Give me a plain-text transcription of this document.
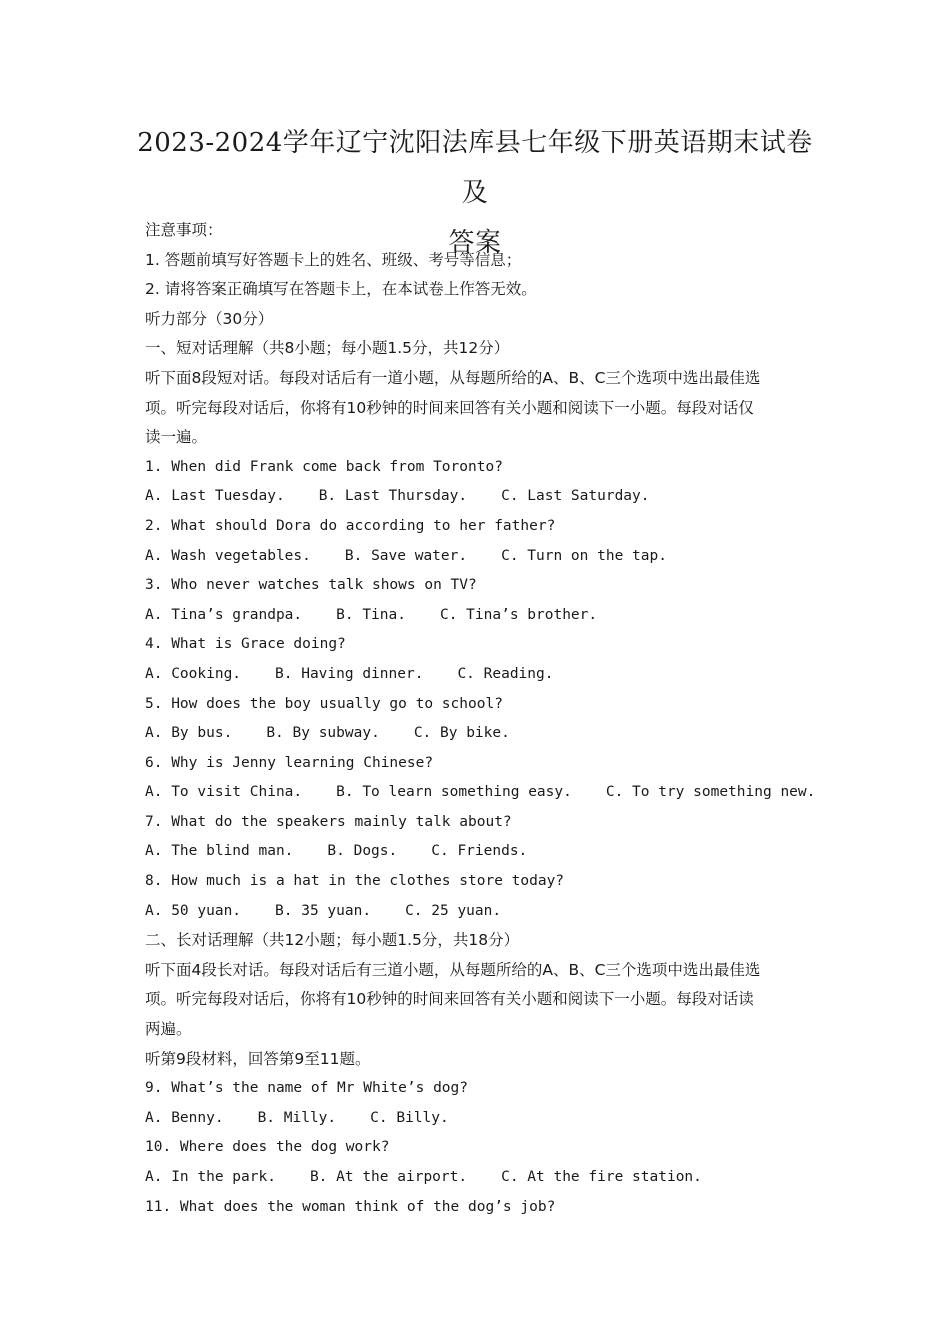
2023-2024学年辽宁沈阳法库县七年级下册英语期末试卷及
答案
注意事项：
1. 答题前填写好答题卡上的姓名、班级、考号等信息；
2. 请将答案正确填写在答题卡上，在本试卷上作答无效。
听力部分（30分）
一、短对话理解（共8小题；每小题1.5分，共12分）
听下面8段短对话。每段对话后有一道小题，从每题所给的A、B、C三个选项中选出最佳选
项。听完每段对话后，你将有10秒钟的时间来回答有关小题和阅读下一小题。每段对话仅
读一遍。
1. When did Frank come back from Toronto?
A. Last Tuesday. B. Last Thursday. C. Last Saturday.
2. What should Dora do according to her father?
A. Wash vegetables. B. Save water. C. Turn on the tap.
3. Who never watches talk shows on TV?
A. Tina’s grandpa. B. Tina. C. Tina’s brother.
4. What is Grace doing?
A. Cooking. B. Having dinner. C. Reading.
5. How does the boy usually go to school?
A. By bus. B. By subway. C. By bike.
6. Why is Jenny learning Chinese?
A. To visit China. B. To learn something easy. C. To try something new.
7. What do the speakers mainly talk about?
A. The blind man. B. Dogs. C. Friends.
8. How much is a hat in the clothes store today?
A. 50 yuan. B. 35 yuan. C. 25 yuan.
二、长对话理解（共12小题；每小题1.5分，共18分）
听下面4段长对话。每段对话后有三道小题，从每题所给的A、B、C三个选项中选出最佳选
项。听完每段对话后，你将有10秒钟的时间来回答有关小题和阅读下一小题。每段对话读
两遍。
听第9段材料，回答第9至11题。
9. What’s the name of Mr White’s dog?
A. Benny. B. Milly. C. Billy.
10. Where does the dog work?
A. In the park. B. At the airport. C. At the fire station.
11. What does the woman think of the dog’s job?
